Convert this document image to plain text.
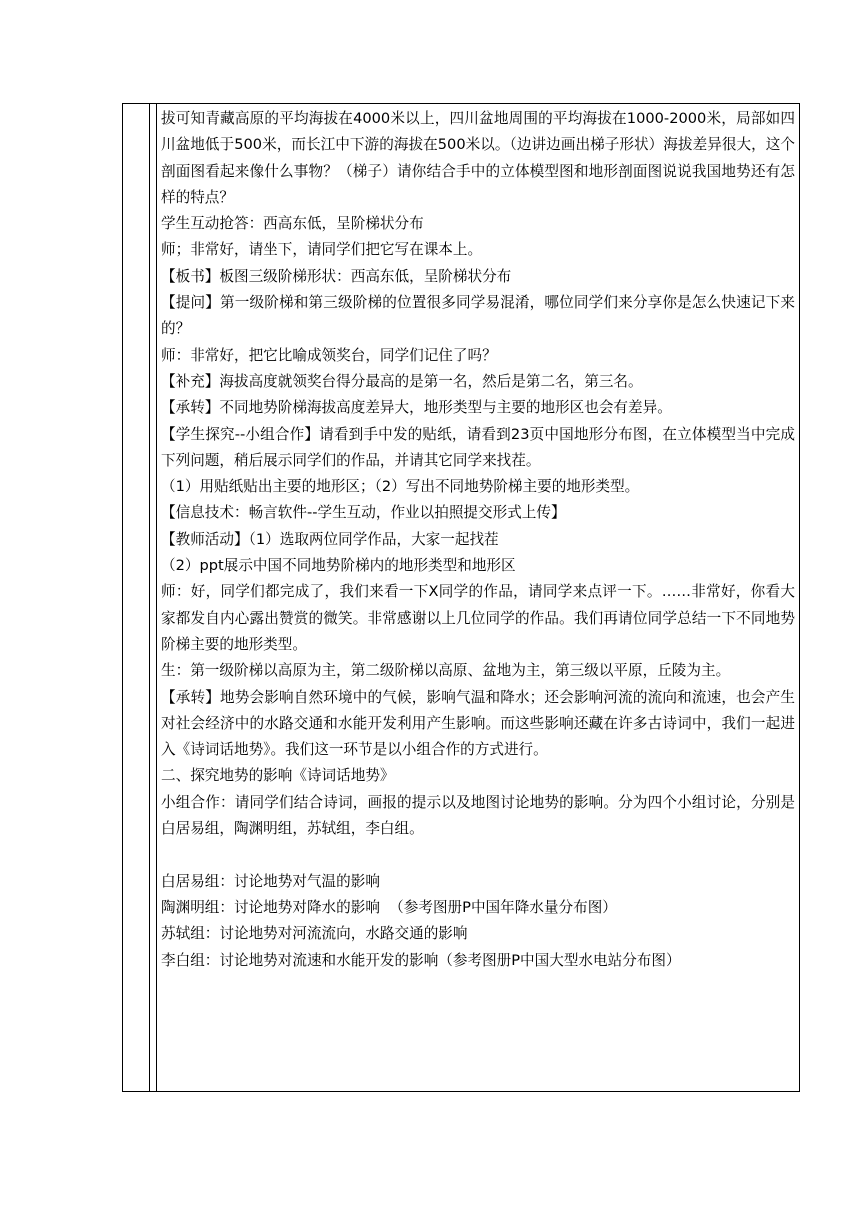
拔可知青藏高原的平均海拔在4000米以上，四川盆地周围的平均海拔在1000-2000米，局部如四川盆地低于500米，而长江中下游的海拔在500米以。（边讲边画出梯子形状）海拔差异很大，这个剖面图看起来像什么事物？（梯子）请你结合手中的立体模型图和地形剖面图说说我国地势还有怎样的特点？

学生互动抢答：西高东低，呈阶梯状分布

师；非常好，请坐下，请同学们把它写在课本上。

【板书】板图三级阶梯形状：西高东低，呈阶梯状分布

【提问】第一级阶梯和第三级阶梯的位置很多同学易混淆，哪位同学们来分享你是怎么快速记下来的？

师：非常好，把它比喻成领奖台，同学们记住了吗？

【补充】海拔高度就领奖台得分最高的是第一名，然后是第二名，第三名。

【承转】不同地势阶梯海拔高度差异大，地形类型与主要的地形区也会有差异。

【学生探究--小组合作】请看到手中发的贴纸，请看到23页中国地形分布图，在立体模型当中完成下列问题，稍后展示同学们的作品，并请其它同学来找茬。

（1）用贴纸贴出主要的地形区；（2）写出不同地势阶梯主要的地形类型。

【信息技术：畅言软件--学生互动，作业以拍照提交形式上传】

【教师活动】（1）选取两位同学作品，大家一起找茬

（2）ppt展示中国不同地势阶梯内的地形类型和地形区

师：好，同学们都完成了，我们来看一下X同学的作品，请同学来点评一下。……非常好，你看大家都发自内心露出赞赏的微笑。非常感谢以上几位同学的作品。我们再请位同学总结一下不同地势阶梯主要的地形类型。

生：第一级阶梯以高原为主，第二级阶梯以高原、盆地为主，第三级以平原，丘陵为主。

【承转】地势会影响自然环境中的气候，影响气温和降水；还会影响河流的流向和流速，也会产生对社会经济中的水路交通和水能开发利用产生影响。而这些影响还藏在许多古诗词中，我们一起进入《诗词话地势》。我们这一环节是以小组合作的方式进行。

二、探究地势的影响《诗词话地势》

小组合作：请同学们结合诗词，画报的提示以及地图讨论地势的影响。分为四个小组讨论，分别是白居易组，陶渊明组，苏轼组，李白组。

白居易组：讨论地势对气温的影响

陶渊明组：讨论地势对降水的影响  （参考图册P中国年降水量分布图）

苏轼组：讨论地势对河流流向，水路交通的影响

李白组：讨论地势对流速和水能开发的影响（参考图册P中国大型水电站分布图）
